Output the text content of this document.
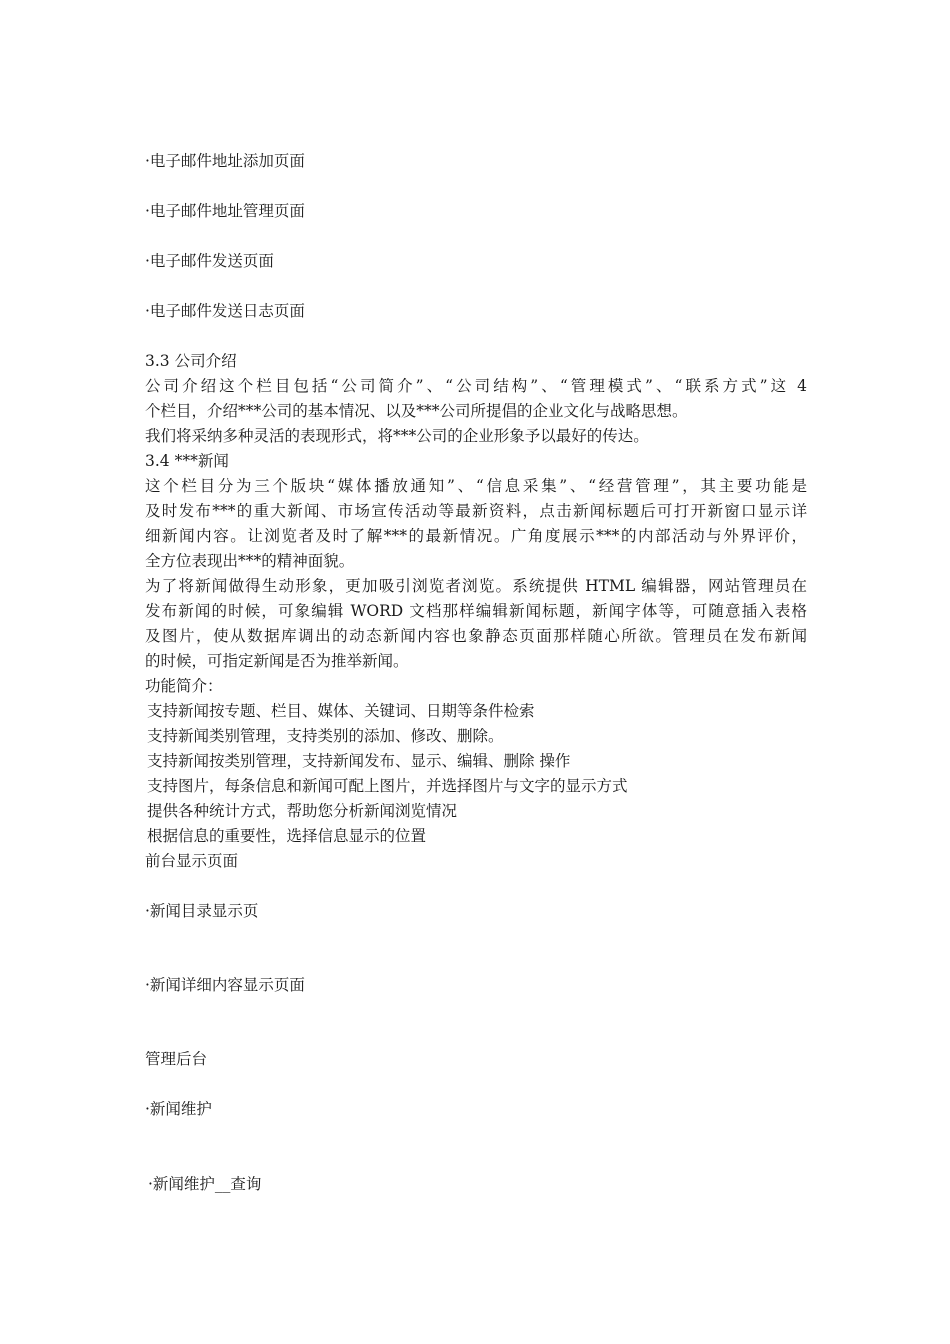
·电子邮件地址添加页面
·电子邮件地址管理页面
·电子邮件发送页面
·电子邮件发送日志页面
3.3 公司介绍
公司介绍这个栏目包括“公司简介”、“公司结构”、“管理模式”、“联系方式”这 4
个栏目，介绍***公司的基本情况、以及***公司所提倡的企业文化与战略思想。
我们将采纳多种灵活的表现形式，将***公司的企业形象予以最好的传达。
3.4 ***新闻
这个栏目分为三个版块“媒体播放通知”、“信息采集”、“经营管理”，其主要功能是
及时发布***的重大新闻、市场宣传活动等最新资料，点击新闻标题后可打开新窗口显示详
细新闻内容。让浏览者及时了解***的最新情况。广角度展示***的内部活动与外界评价，
全方位表现出***的精神面貌。
为了将新闻做得生动形象，更加吸引浏览者浏览。系统提供 HTML 编辑器，网站管理员在
发布新闻的时候，可象编辑 WORD 文档那样编辑新闻标题，新闻字体等，可随意插入表格
及图片，使从数据库调出的动态新闻内容也象静态页面那样随心所欲。管理员在发布新闻
的时候，可指定新闻是否为推举新闻。
功能简介：
支持新闻按专题、栏目、媒体、关键词、日期等条件检索
支持新闻类别管理，支持类别的添加、修改、删除。
支持新闻按类别管理，支持新闻发布、显示、编辑、删除 操作
支持图片，每条信息和新闻可配上图片，并选择图片与文字的显示方式
提供各种统计方式，帮助您分析新闻浏览情况
根据信息的重要性，选择信息显示的位置
前台显示页面
·新闻目录显示页
·新闻详细内容显示页面
管理后台
·新闻维护
·新闻维护__查询
